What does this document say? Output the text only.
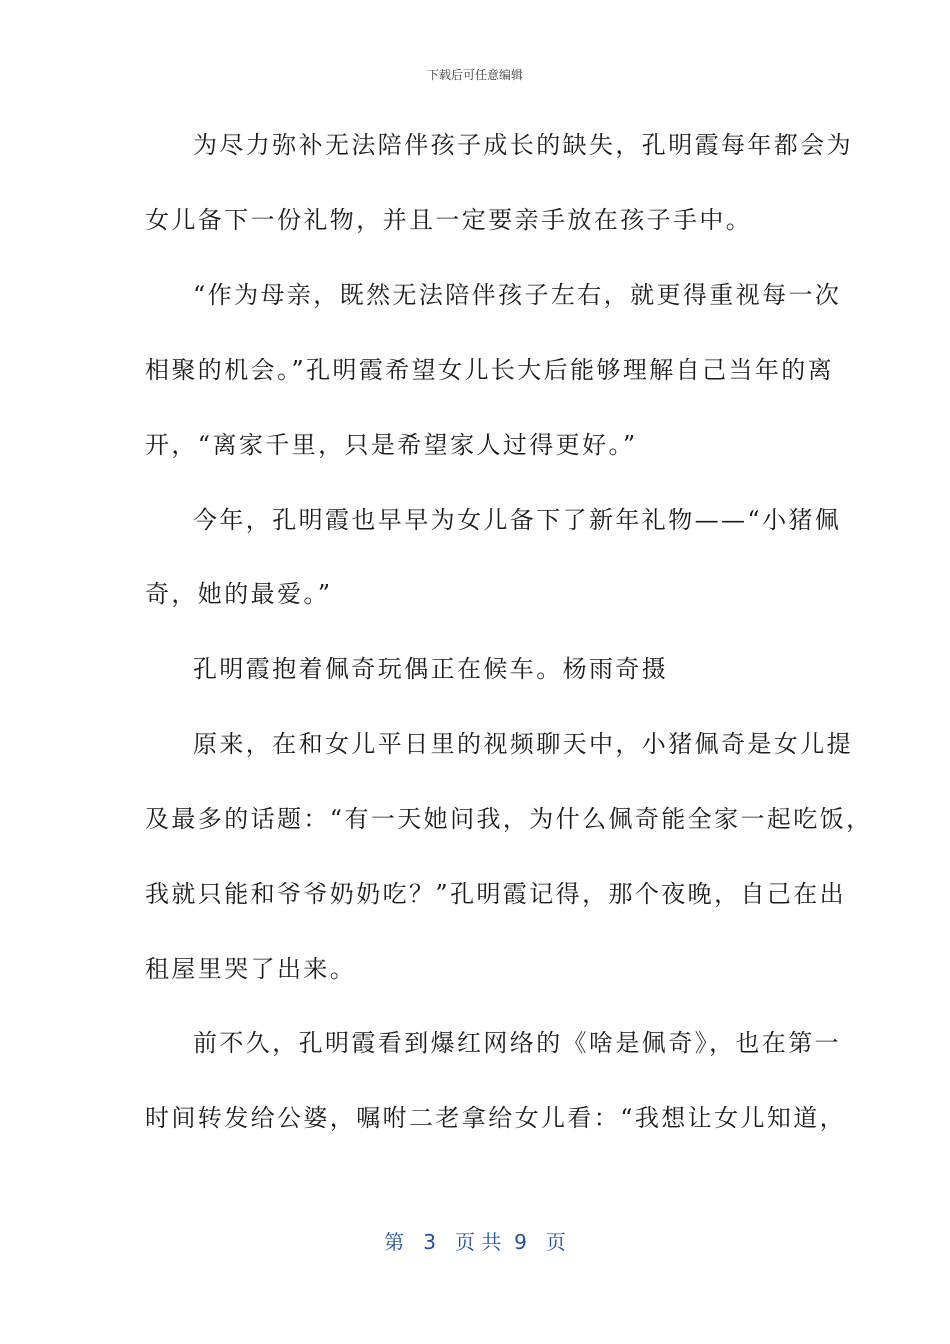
下载后可任意编辑
为尽力弥补无法陪伴孩子成长的缺失，孔明霞每年都会为
女儿备下一份礼物，并且一定要亲手放在孩子手中。
“作为母亲，既然无法陪伴孩子左右，就更得重视每一次
相聚的机会。”孔明霞希望女儿长大后能够理解自己当年的离
开，“离家千里，只是希望家人过得更好。”
今年，孔明霞也早早为女儿备下了新年礼物——“小猪佩
奇，她的最爱。”
孔明霞抱着佩奇玩偶正在候车。杨雨奇摄
原来，在和女儿平日里的视频聊天中，小猪佩奇是女儿提
及最多的话题：“有一天她问我，为什么佩奇能全家一起吃饭，
我就只能和爷爷奶奶吃？”孔明霞记得，那个夜晚，自己在出
租屋里哭了出来。
前不久，孔明霞看到爆红网络的《啥是佩奇》，也在第一
时间转发给公婆，嘱咐二老拿给女儿看：“我想让女儿知道，
第 3 页 共 9 页
